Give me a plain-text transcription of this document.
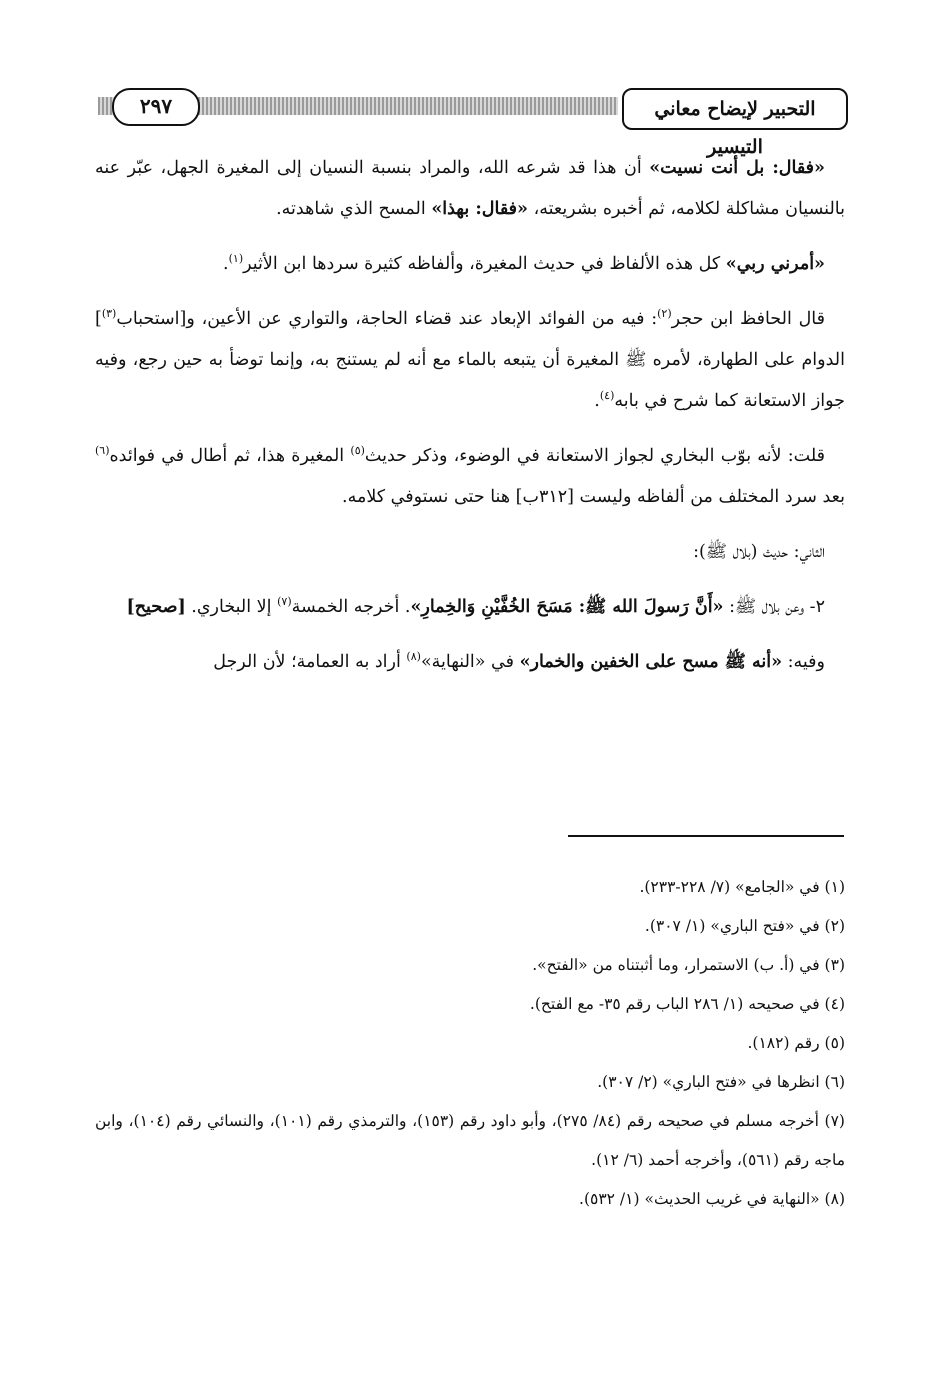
٢٩٧	التحبير لإيضاح معاني التيسير

«فقال: بل أنت نسيت» أن هذا قد شرعه الله، والمراد بنسبة النسيان إلى المغيرة الجهل، عبّر عنه بالنسيان مشاكلة لكلامه، ثم أخبره بشريعته، «فقال: بهذا» المسح الذي شاهدته.

«أمرني ربي» كل هذه الألفاظ في حديث المغيرة، وألفاظه كثيرة سردها ابن الأثير$^{(١)}$.

قال الحافظ ابن حجر$^{(٢)}$: فيه من الفوائد الإبعاد عند قضاء الحاجة، والتواري عن الأعين، و[استحباب$^{(٣)}$] الدوام على الطهارة، لأمره ﷺ المغيرة أن يتبعه بالماء مع أنه لم يستنج به، وإنما توضأ به حين رجع، وفيه جواز الاستعانة كما شرح في بابه$^{(٤)}$.

قلت: لأنه بوّب البخاري لجواز الاستعانة في الوضوء، وذكر حديث$^{(٥)}$ المغيرة هذا، ثم أطال في فوائده$^{(٦)}$ بعد سرد المختلف من ألفاظه وليست [٣١٢ب] هنا حتى نستوفي كلامه.

الثاني: حديث (بلال ﷺ):

٢- وعن بلال ﷺ: «أَنَّ رَسولَ الله ﷺ: مَسَحَ الخُفَّيْنِ وَالخِمارِ». أخرجه الخمسة$^{(٧)}$ إلا البخاري. [صحيح]

وفيه: «أنه ﷺ مسح على الخفين والخمار» في «النهاية»$^{(٨)}$ أراد به العمامة؛ لأن الرجل

(١) في «الجامع» (٧/ ٢٢٨-٢٣٣).

(٢) في «فتح الباري» (١/ ٣٠٧).

(٣) في (أ. ب) الاستمرار، وما أثبتناه من «الفتح».

(٤) في صحيحه (١/ ٢٨٦ الباب رقم ٣٥- مع الفتح).

(٥) رقم (١٨٢).

(٦) انظرها في «فتح الباري» (٢/ ٣٠٧).

(٧) أخرجه مسلم في صحيحه رقم (٨٤/ ٢٧٥)، وأبو داود رقم (١٥٣)، والترمذي رقم (١٠١)، والنسائي رقم (١٠٤)، وابن ماجه رقم (٥٦١)، وأخرجه أحمد (٦/ ١٢).

(٨) «النهاية في غريب الحديث» (١/ ٥٣٢).
